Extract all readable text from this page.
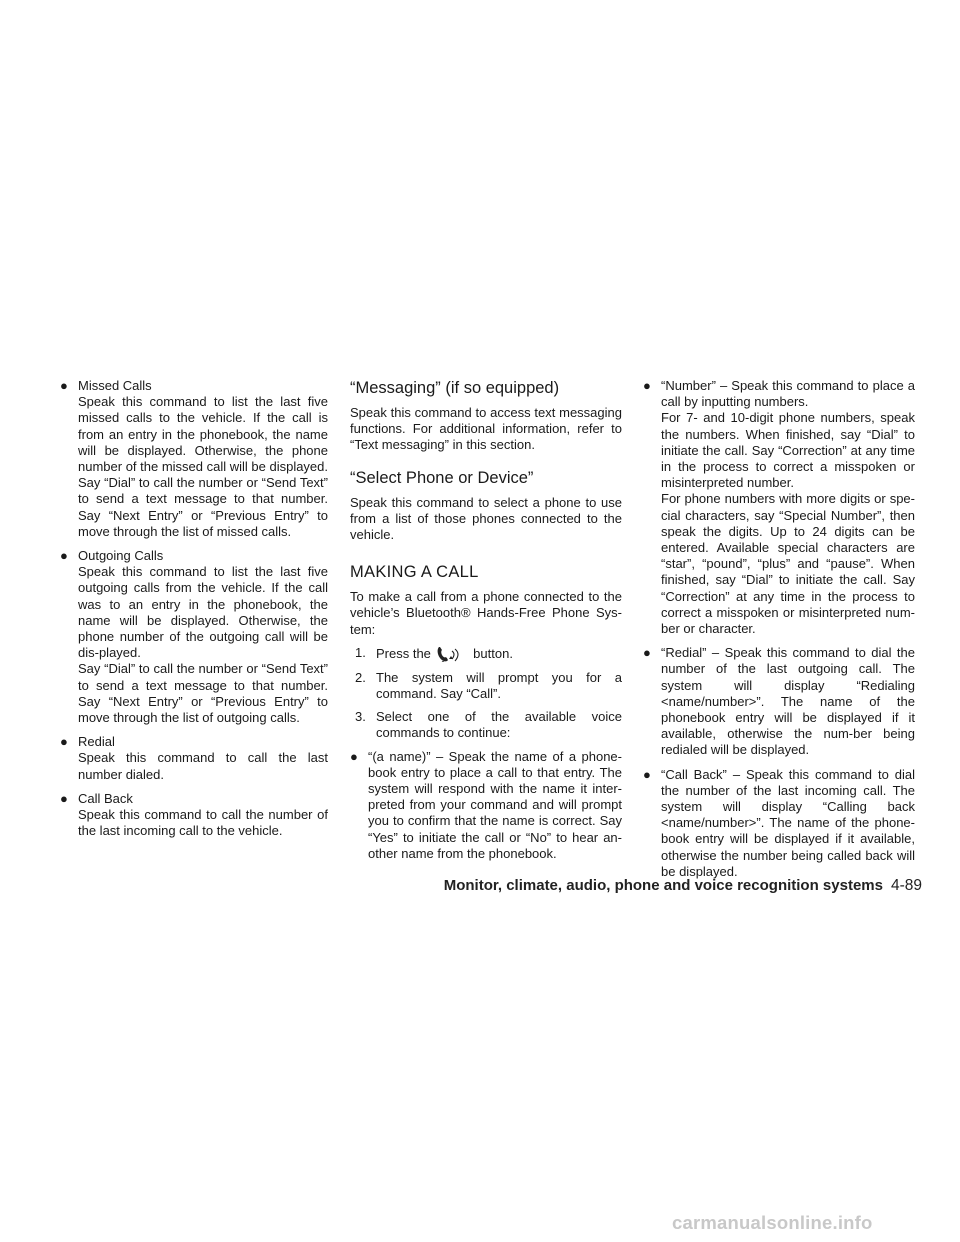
● Missed Calls

Speak this command to list the last five missed calls to the vehicle. If the call is from an entry in the phonebook, the name will be displayed. Otherwise, the phone number of the missed call will be displayed.

Say “Dial” to call the number or “Send Text” to send a text message to that number. Say “Next Entry” or “Previous Entry” to move through the list of missed calls.

● Outgoing Calls

Speak this command to list the last five outgoing calls from the vehicle. If the call was to an entry in the phonebook, the name will be displayed. Otherwise, the phone number of the outgoing call will be dis-played.

Say “Dial” to call the number or “Send Text” to send a text message to that number. Say “Next Entry” or “Previous Entry” to move through the list of outgoing calls.

● Redial

Speak this command to call the last number dialed.

● Call Back

Speak this command to call the number of the last incoming call to the vehicle.

“Messaging” (if so equipped)

Speak this command to access text messaging functions. For additional information, refer to “Text messaging” in this section.

“Select Phone or Device”

Speak this command to select a phone to use from a list of those phones connected to the vehicle.

MAKING A CALL

To make a call from a phone connected to the vehicle’s Bluetooth® Hands-Free Phone Sys-tem:

1. Press the	button.
2. The system will prompt you for a command. Say “Call”.
3. Select one of the available voice commands to continue:
● “(a name)” – Speak the name of a phone-book entry to place a call to that entry. The system will respond with the name it inter-preted from your command and will prompt you to confirm that the name is correct. Say “Yes” to initiate the call or “No” to hear an-other name from the phonebook.
● “Number” – Speak this command to place a call by inputting numbers.

For 7- and 10-digit phone numbers, speak the numbers. When finished, say “Dial” to initiate the call. Say “Correction” at any time in the process to correct a misspoken or misinterpreted number.

For phone numbers with more digits or spe-cial characters, say “Special Number”, then speak the digits. Up to 24 digits can be entered. Available special characters are “star”, “pound”, “plus” and “pause”. When finished, say “Dial” to initiate the call. Say “Correction” at any time in the process to correct a misspoken or misinterpreted num-ber or character.

● “Redial” – Speak this command to dial the number of the last outgoing call. The system will display “Redialing <name/number>”. The name of the phonebook entry will be displayed if it available, otherwise the num-ber being redialed will be displayed.

● “Call Back” – Speak this command to dial the number of the last incoming call. The system will display “Calling back <name/number>”. The name of the phone-book entry will be displayed if it available, otherwise the number being called back will be displayed.

Monitor, climate, audio, phone and voice recognition systems 4-89
carmanualsonline.info
